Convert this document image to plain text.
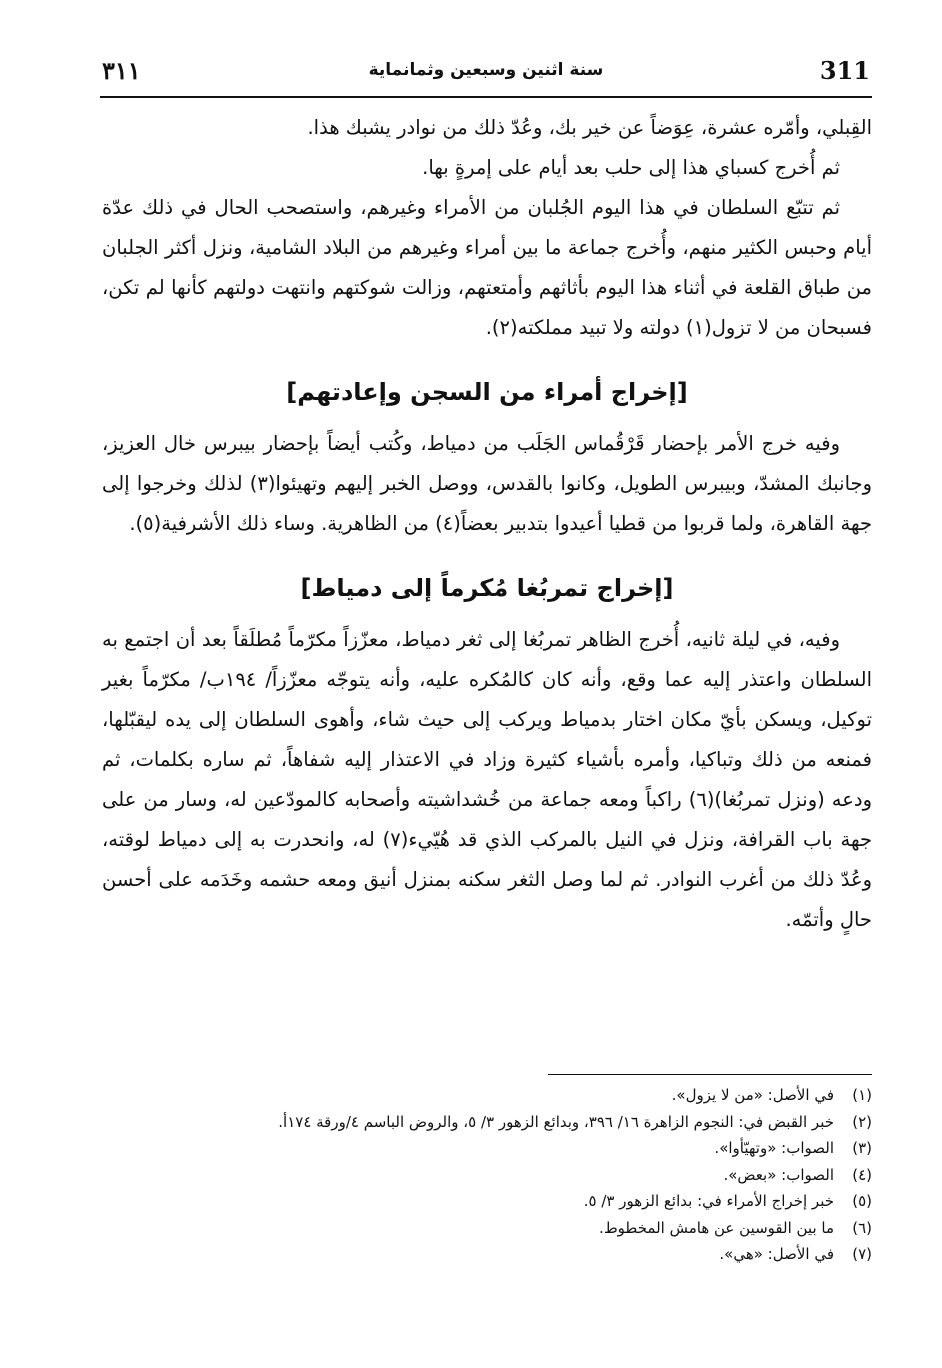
311
سنة اثنين وسبعين وثمانماية
٣١١

القِبلي، وأمّره عشرة، عِوَضاً عن خير بك، وعُدّ ذلك من نوادر يشبك هذا.

ثم أُخرج كسباي هذا إلى حلب بعد أيام على إمرةٍ بها.

ثم تتبّع السلطان في هذا اليوم الجُلبان من الأمراء وغيرهم، واستصحب الحال في ذلك عدّة أيام وحبس الكثير منهم، وأُخرج جماعة ما بين أمراء وغيرهم من البلاد الشامية، ونزل أكثر الجلبان من طباق القلعة في أثناء هذا اليوم بأثاثهم وأمتعتهم، وزالت شوكتهم وانتهت دولتهم كأنها لم تكن، فسبحان من لا تزول(١) دولته ولا تبيد مملكته(٢).

[إخراج أمراء من السجن وإعادتهم]

وفيه خرج الأمر بإحضار قَرْقُماس الجَلَب من دمياط، وكُتب أيضاً بإحضار بيبرس خال العزيز، وجانبك المشدّ، وبيبرس الطويل، وكانوا بالقدس، ووصل الخبر إليهم وتهيئوا(٣) لذلك وخرجوا إلى جهة القاهرة، ولما قربوا من قطيا أعيدوا بتدبير بعضاً(٤) من الظاهرية. وساء ذلك الأشرفية(٥).

[إخراج تمربُغا مُكرماً إلى دمياط]

وفيه، في ليلة ثانيه، أُخرج الظاهر تمربُغا إلى ثغر دمياط، معزّزاً مكرّماً مُطلَقاً بعد أن اجتمع به السلطان واعتذر إليه عما وقع، وأنه كان كالمُكره عليه، وأنه يتوجّه معزّزاً/ ١٩٤ب/ مكرّماً بغير توكيل، ويسكن بأيّ مكان اختار بدمياط ويركب إلى حيث شاء، وأهوى السلطان إلى يده ليقبّلها، فمنعه من ذلك وتباكيا، وأمره بأشياء كثيرة وزاد في الاعتذار إليه شفاهاً، ثم ساره بكلمات، ثم ودعه (ونزل تمربُغا)(٦) راكباً ومعه جماعة من خُشداشيته وأصحابه كالمودّعين له، وسار من على جهة باب القرافة، ونزل في النيل بالمركب الذي قد هُيّيء(٧) له، وانحدرت به إلى دمياط لوقته، وعُدّ ذلك من أغرب النوادر. ثم لما وصل الثغر سكنه بمنزل أنيق ومعه حشمه وخَدَمه على أحسن حالٍ وأتمّه.

(١)
في الأصل: «من لا يزول».
(٢)
خبر القبض في: النجوم الزاهرة ١٦/ ٣٩٦، وبدائع الزهور ٣/ ٥، والروض الباسم ٤/ورقة ١٧٤أ.
(٣)
الصواب: «وتهيّأوا».
(٤)
الصواب: «بعض».
(٥)
خبر إخراج الأمراء في: بدائع الزهور ٣/ ٥.
(٦)
ما بين القوسين عن هامش المخطوط.
(٧)
في الأصل: «هي».
